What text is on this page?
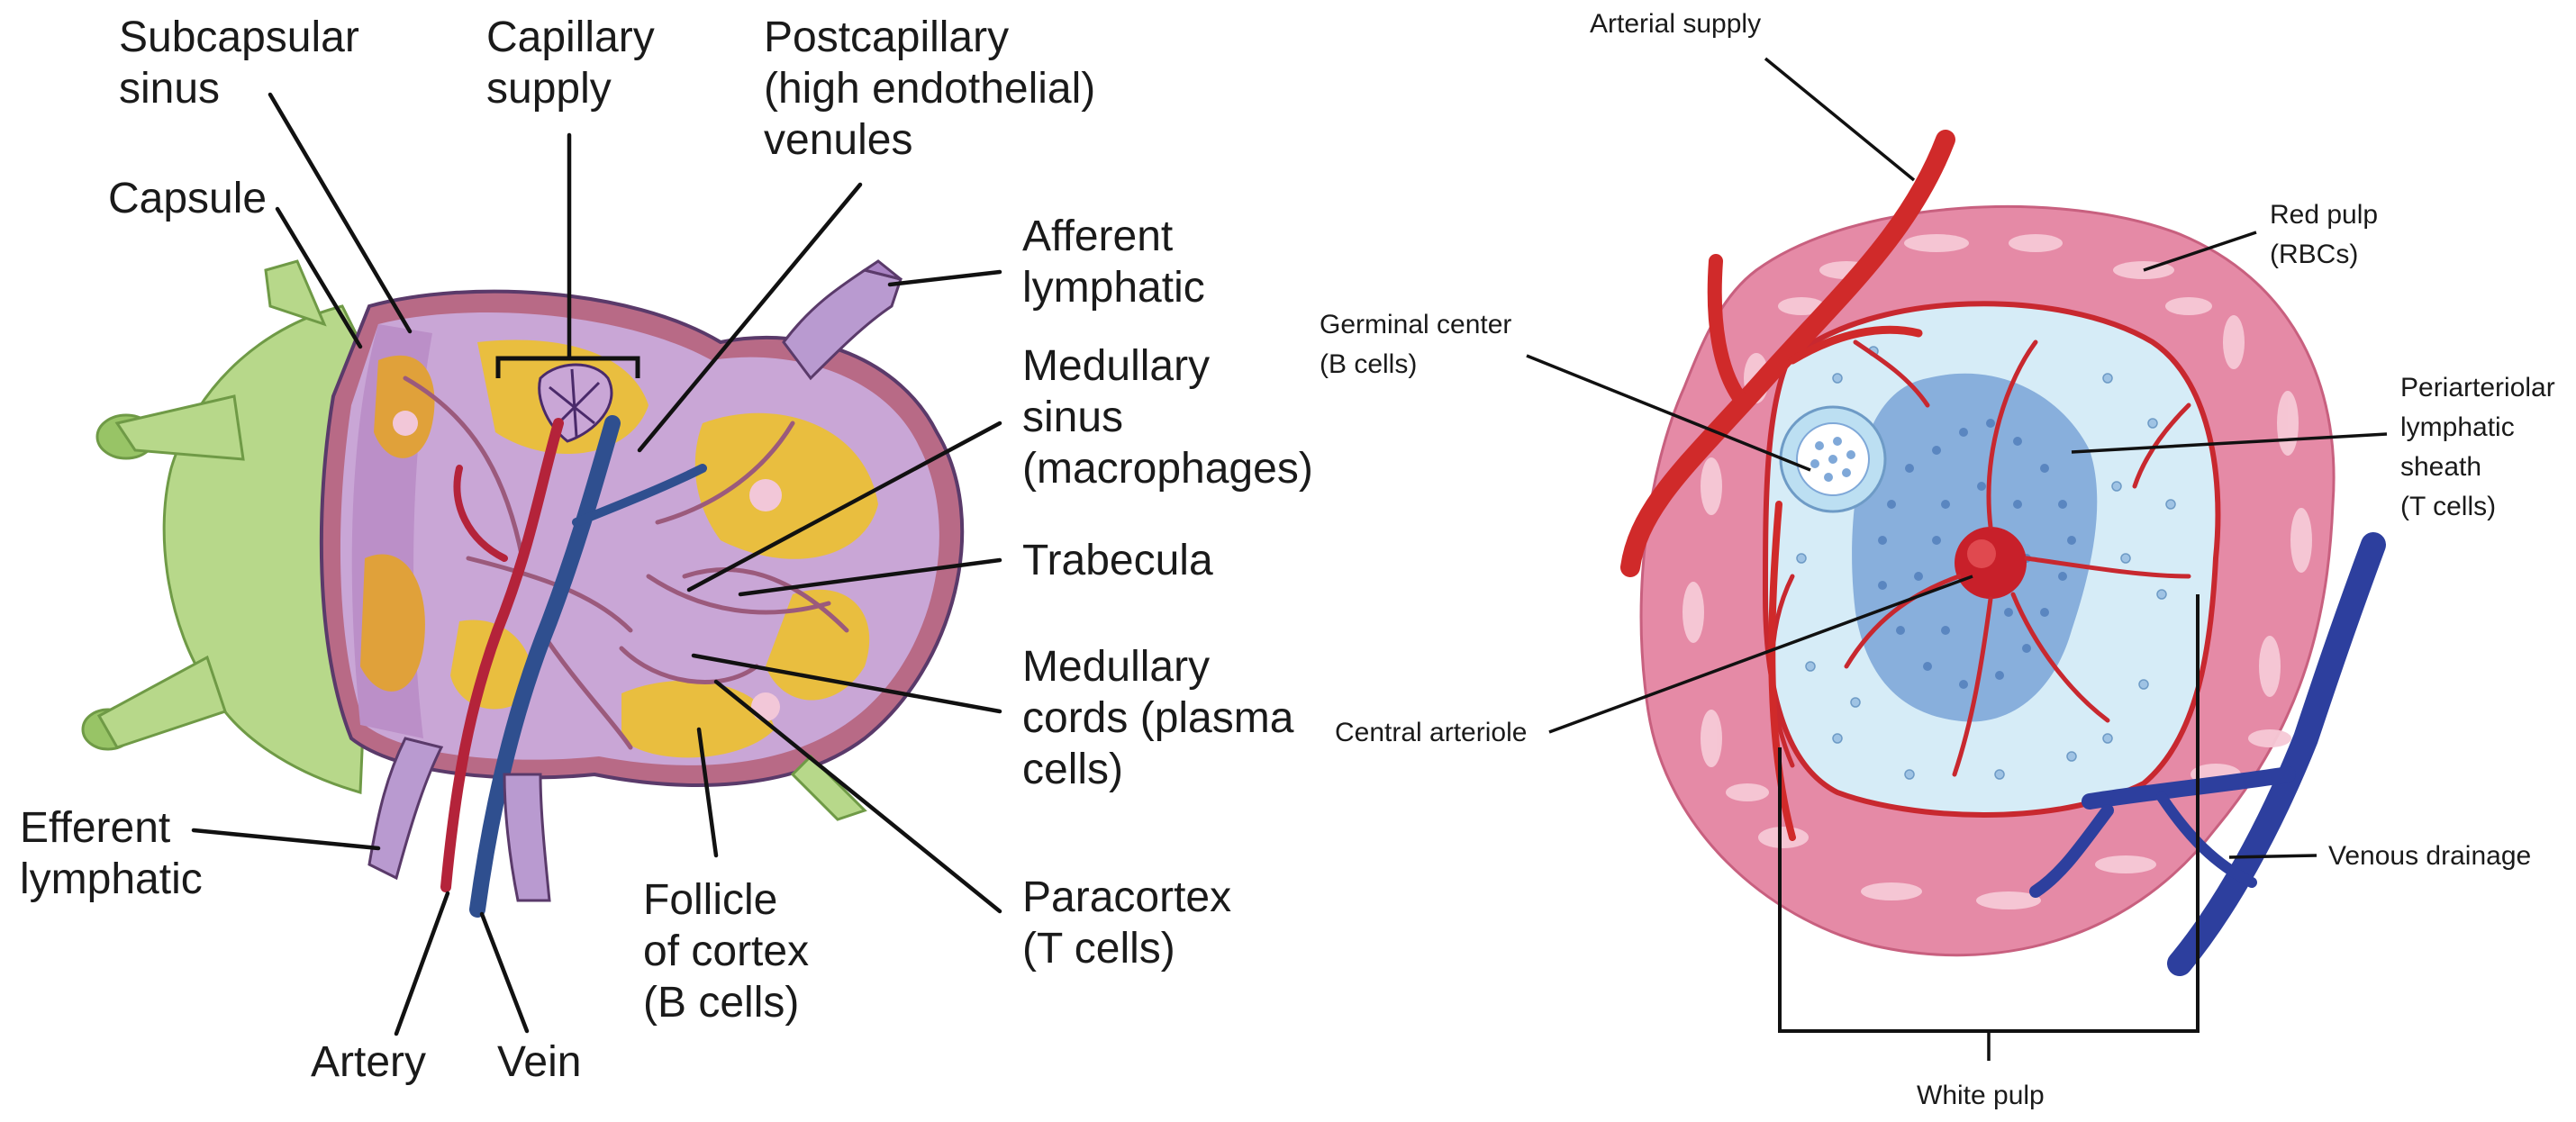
Subcapsular sinus
Capillary supply
Postcapillary (high endothelial) venules
Capsule
Afferent lymphatic
Medullary sinus (macrophages)
Trabecula
Medullary cords (plasma cells)
Efferent lymphatic	Follicle of cortex (B cells)
Paracortex (T cells)
Artery Vein
Arterial supply
Red pulp (RBCs)
Germinal center (B cells)
Periarteriolar lymphatic sheath (T cells)
Central arteriole
Venous drainage
White pulp
